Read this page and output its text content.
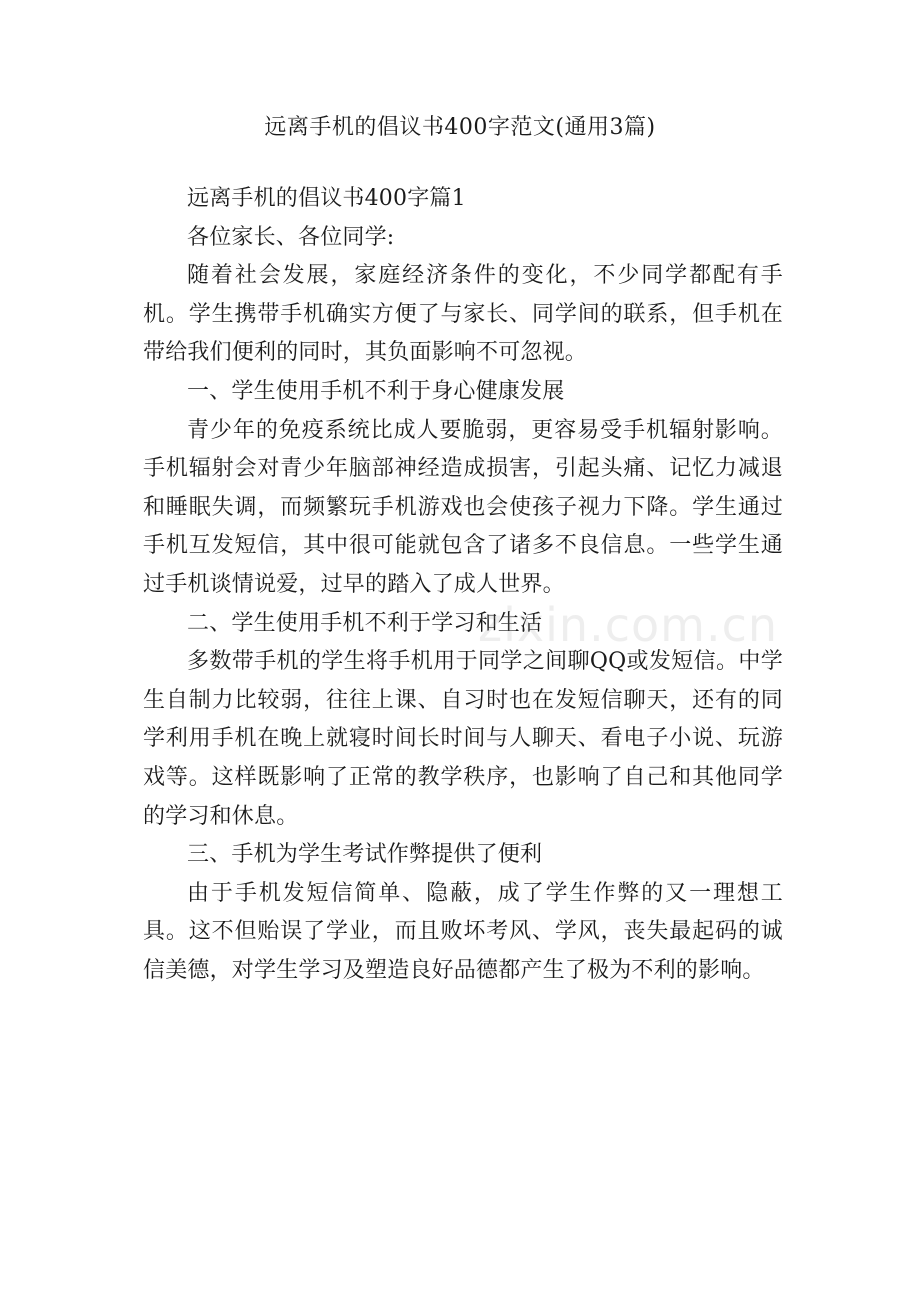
远离手机的倡议书400字范文(通用3篇)

远离手机的倡议书400字篇1

各位家长、各位同学:

随着社会发展，家庭经济条件的变化，不少同学都配有手机。学生携带手机确实方便了与家长、同学间的联系，但手机在带给我们便利的同时，其负面影响不可忽视。

一、学生使用手机不利于身心健康发展

青少年的免疫系统比成人要脆弱，更容易受手机辐射影响。手机辐射会对青少年脑部神经造成损害，引起头痛、记忆力减退和睡眠失调，而频繁玩手机游戏也会使孩子视力下降。学生通过手机互发短信，其中很可能就包含了诸多不良信息。一些学生通过手机谈情说爱，过早的踏入了成人世界。

二、学生使用手机不利于学习和生活

多数带手机的学生将手机用于同学之间聊QQ或发短信。中学生自制力比较弱，往往上课、自习时也在发短信聊天，还有的同学利用手机在晚上就寝时间长时间与人聊天、看电子小说、玩游戏等。这样既影响了正常的教学秩序，也影响了自己和其他同学的学习和休息。

三、手机为学生考试作弊提供了便利

由于手机发短信简单、隐蔽，成了学生作弊的又一理想工具。这不但贻误了学业，而且败坏考风、学风，丧失最起码的诚信美德，对学生学习及塑造良好品德都产生了极为不利的影响。

zixin.com.cn
